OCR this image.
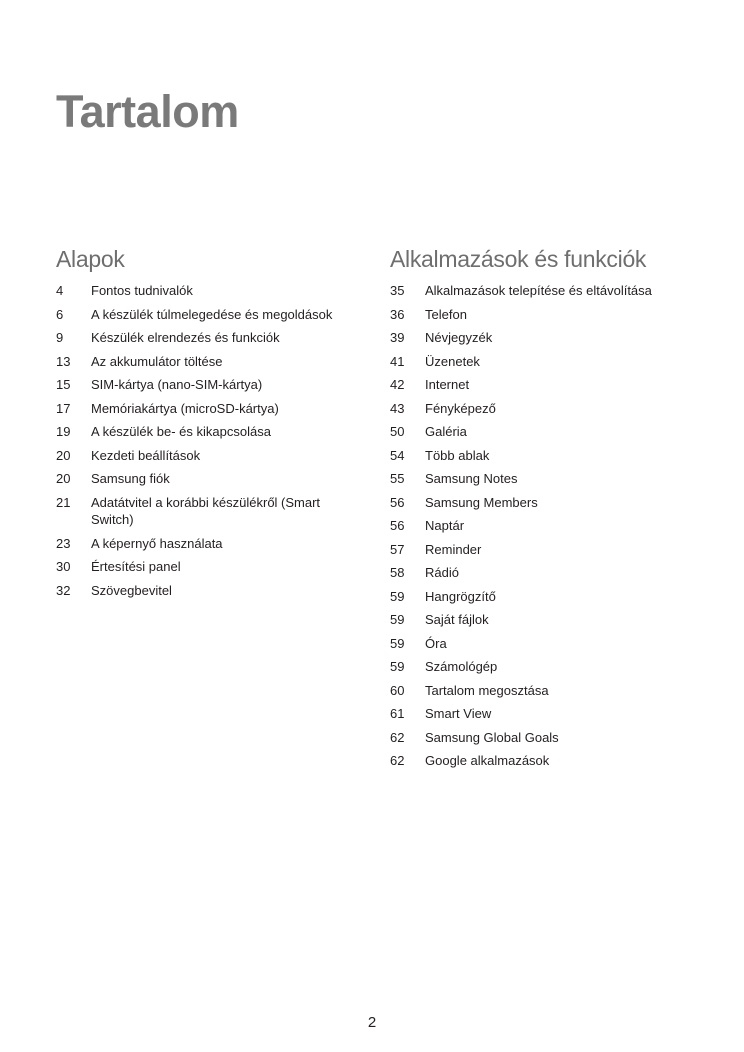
Tartalom
Alapok
4	Fontos tudnivalók
6	A készülék túlmelegedése és megoldások
9	Készülék elrendezés és funkciók
13	Az akkumulátor töltése
15	SIM-kártya (nano-SIM-kártya)
17	Memóriakártya (microSD-kártya)
19	A készülék be- és kikapcsolása
20	Kezdeti beállítások
20	Samsung fiók
21	Adatátvitel a korábbi készülékről (Smart Switch)
23	A képernyő használata
30	Értesítési panel
32	Szövegbevitel
Alkalmazások és funkciók
35	Alkalmazások telepítése és eltávolítása
36	Telefon
39	Névjegyzék
41	Üzenetek
42	Internet
43	Fényképező
50	Galéria
54	Több ablak
55	Samsung Notes
56	Samsung Members
56	Naptár
57	Reminder
58	Rádió
59	Hangrögzítő
59	Saját fájlok
59	Óra
59	Számológép
60	Tartalom megosztása
61	Smart View
62	Samsung Global Goals
62	Google alkalmazások
2
